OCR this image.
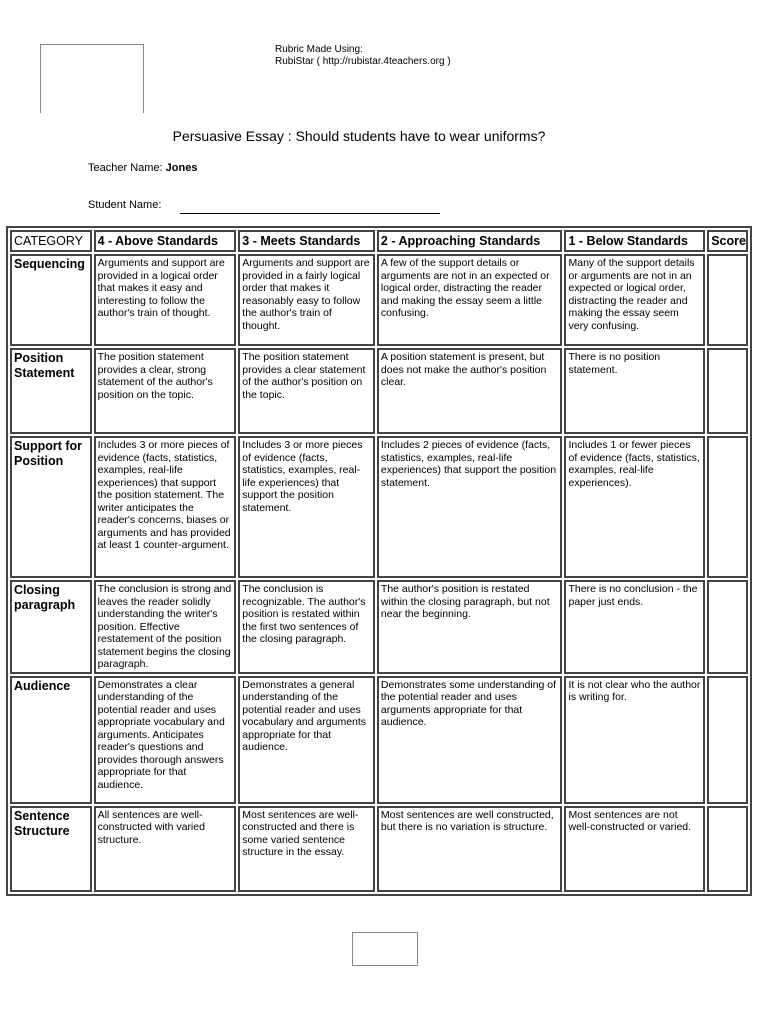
Rubric Made Using:
RubiStar ( http://rubistar.4teachers.org )
Persuasive Essay : Should students have to wear uniforms?
Teacher Name: Jones
Student Name:
CATEGORY	4 - Above Standards	3 - Meets Standards	2 - Approaching Standards	1 - Below Standards	Score
Sequencing	Arguments and support are provided in a logical order that makes it easy and interesting to follow the author's train of thought.	Arguments and support are provided in a fairly logical order that makes it reasonably easy to follow the author's train of thought.	A few of the support details or arguments are not in an expected or logical order, distracting the reader and making the essay seem a little confusing.	Many of the support details or arguments are not in an expected or logical order, distracting the reader and making the essay seem very confusing.	
Position Statement	The position statement provides a clear, strong statement of the author's position on the topic.	The position statement provides a clear statement of the author's position on the topic.	A position statement is present, but does not make the author's position clear.	There is no position statement.	
Support for Position	Includes 3 or more pieces of evidence (facts, statistics, examples, real-life experiences) that support the position statement. The writer anticipates the reader's concerns, biases or arguments and has provided at least 1 counter-argument.	Includes 3 or more pieces of evidence (facts, statistics, examples, real-life experiences) that support the position statement.	Includes 2 pieces of evidence (facts, statistics, examples, real-life experiences) that support the position statement.	Includes 1 or fewer pieces of evidence (facts, statistics, examples, real-life experiences).	
Closing paragraph	The conclusion is strong and leaves the reader solidly understanding the writer's position. Effective restatement of the position statement begins the closing paragraph.	The conclusion is recognizable. The author's position is restated within the first two sentences of the closing paragraph.	The author's position is restated within the closing paragraph, but not near the beginning.	There is no conclusion - the paper just ends.	
Audience	Demonstrates a clear understanding of the potential reader and uses appropriate vocabulary and arguments. Anticipates reader's questions and provides thorough answers appropriate for that audience.	Demonstrates a general understanding of the potential reader and uses vocabulary and arguments appropriate for that audience.	Demonstrates some understanding of the potential reader and uses arguments appropriate for that audience.	It is not clear who the author is writing for.	
Sentence Structure	All sentences are well-constructed with varied structure.	Most sentences are well-constructed and there is some varied sentence structure in the essay.	Most sentences are well constructed, but there is no variation is structure.	Most sentences are not well-constructed or varied.	
